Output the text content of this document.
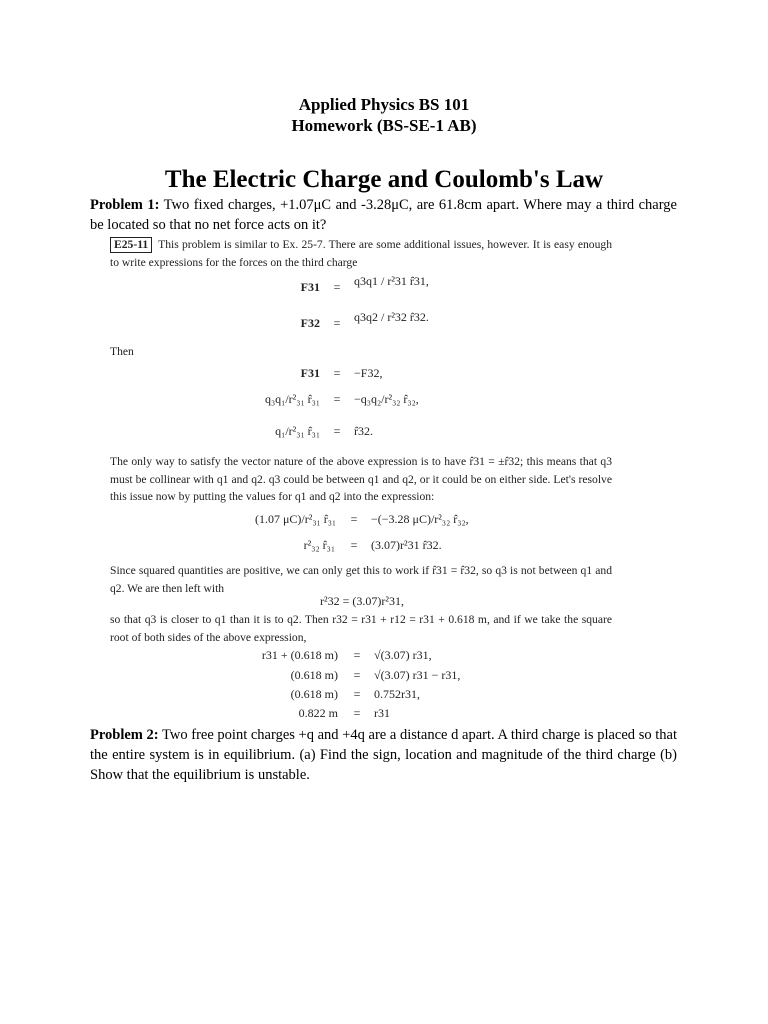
Applied Physics BS 101
Homework (BS-SE-1 AB)
The Electric Charge and Coulomb's Law
Problem 1: Two fixed charges, +1.07μC and -3.28μC, are 61.8cm apart. Where may a third charge be located so that no net force acts on it?
E25-11 This problem is similar to Ex. 25-7. There are some additional issues, however. It is easy enough to write expressions for the forces on the third charge
F31	=	q3q1 / r²31 r̂31,
F32	=	q3q2 / r²32 r̂32.
Then
F31	=	−F32,
q₃q₁/r²₃₁ r̂₃₁	=	−q₃q₂/r²₃₂ r̂₃₂,
q₁/r²₃₁ r̂₃₁	=	r̂32.
The only way to satisfy the vector nature of the above expression is to have r̂31 = ±r̂32; this means that q3 must be collinear with q1 and q2. q3 could be between q1 and q2, or it could be on either side. Let's resolve this issue now by putting the values for q1 and q2 into the expression:
(1.07 μC)/r²₃₁ r̂₃₁	=	−(−3.28 μC)/r²₃₂ r̂₃₂,
r²₃₂ r̂₃₁	=	(3.07)r²31 r̂32.
Since squared quantities are positive, we can only get this to work if r̂31 = r̂32, so q3 is not between q1 and q2. We are then left with
r²32 = (3.07)r²31,
so that q3 is closer to q1 than it is to q2. Then r32 = r31 + r12 = r31 + 0.618 m, and if we take the square root of both sides of the above expression,
r31 + (0.618 m)	=	√(3.07) r31,
(0.618 m)	=	√(3.07) r31 − r31,
(0.618 m)	=	0.752r31,
0.822 m	=	r31
Problem 2: Two free point charges +q and +4q are a distance d apart. A third charge is placed so that the entire system is in equilibrium. (a) Find the sign, location and magnitude of the third charge (b) Show that the equilibrium is unstable.
